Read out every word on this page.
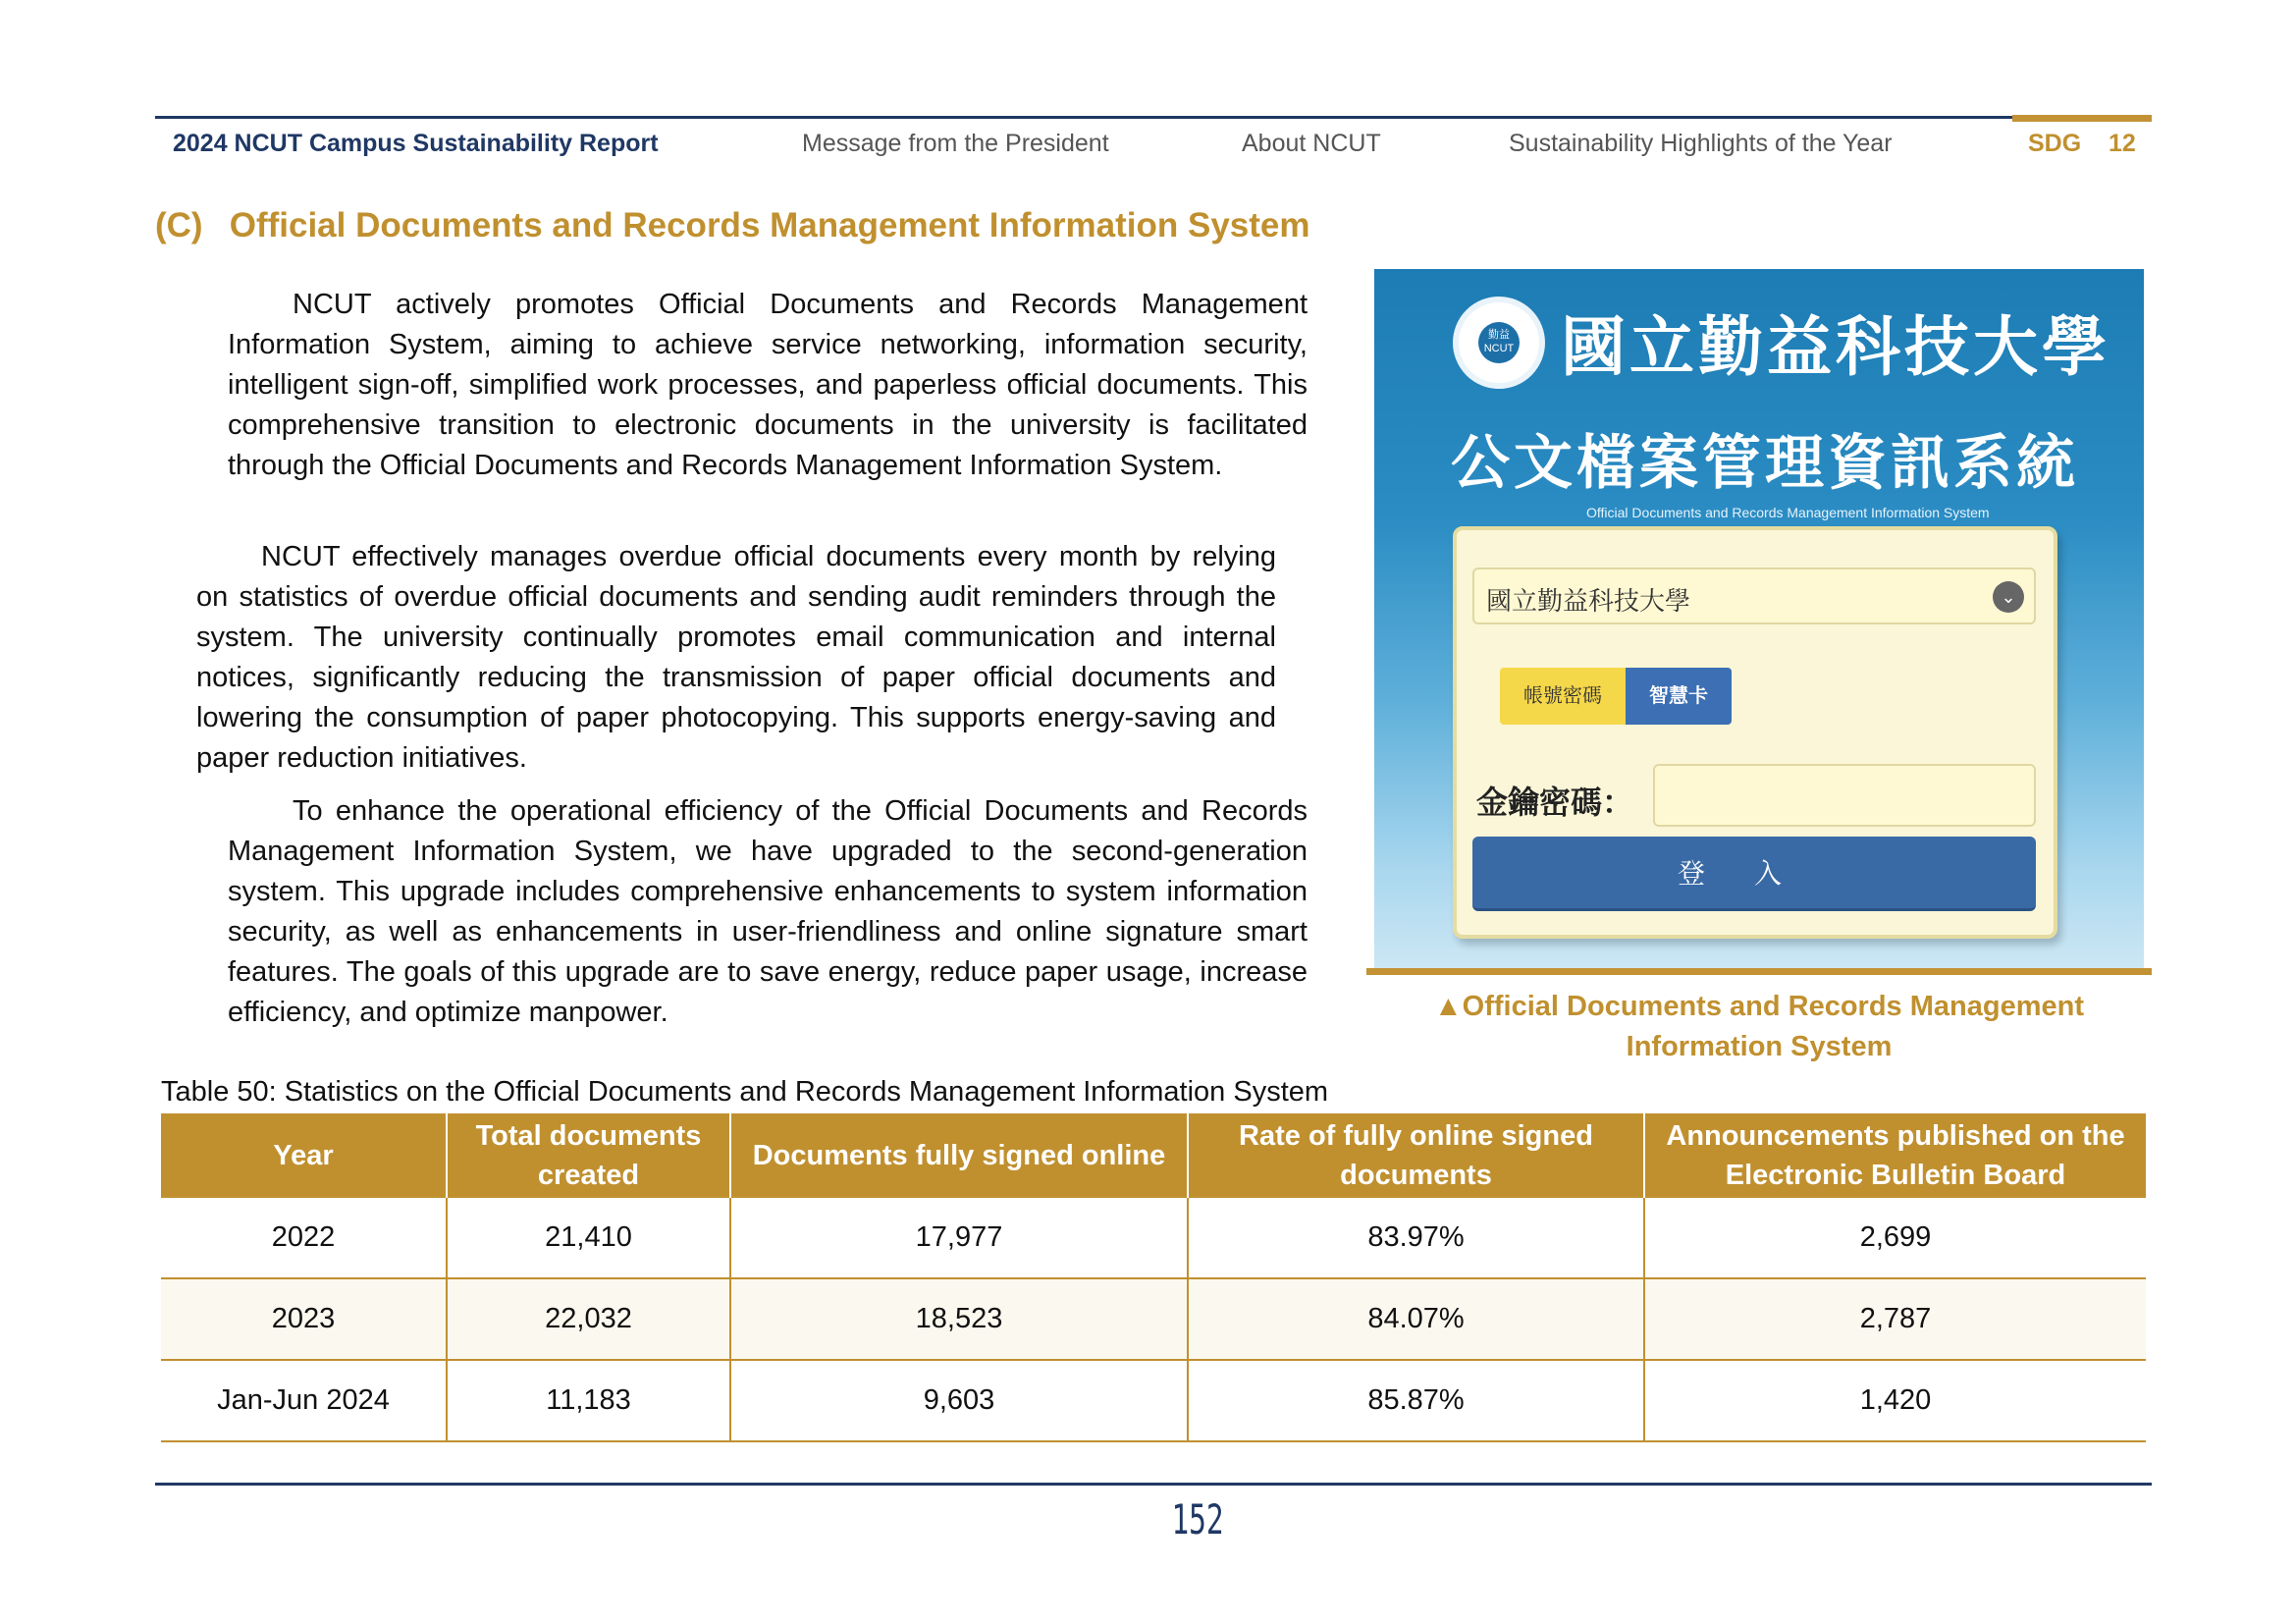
2024 NCUT Campus Sustainability Report	Message from the President	About NCUT	Sustainability Highlights of the Year	SDG 12
(C) Official Documents and Records Management Information System

NCUT actively promotes Official Documents and Records Management Information System, aiming to achieve service networking, information security, intelligent sign-off, simplified work processes, and paperless official documents. This comprehensive transition to electronic documents in the university is facilitated through the Official Documents and Records Management Information System.

NCUT effectively manages overdue official documents every month by relying on statistics of overdue official documents and sending audit reminders through the system. The university continually promotes email communication and internal notices, significantly reducing the transmission of paper official documents and lowering the consumption of paper photocopying. This supports energy-saving and paper reduction initiatives.

To enhance the operational efficiency of the Official Documents and Records Management Information System, we have upgraded to the second-generation system. This upgrade includes comprehensive enhancements to system information security, as well as enhancements in user-friendliness and online signature smart features. The goals of this upgrade are to save energy, reduce paper usage, increase efficiency, and optimize manpower.

勤益 NCUT 國立勤益科技大學
公文檔案管理資訊系統
Official Documents and Records Management Information System
國立勤益科技大學	⌄
帳號密碼	智慧卡
金鑰密碼：
登入
▲Official Documents and Records Management Information System
Table 50: Statistics on the Official Documents and Records Management Information System
Year	Total documents created	Documents fully signed online	Rate of fully online signed documents	Announcements published on the Electronic Bulletin Board
2022	21,410	17,977	83.97%	2,699
2023	22,032	18,523	84.07%	2,787
Jan-Jun 2024	11,183	9,603	85.87%	1,420
152
